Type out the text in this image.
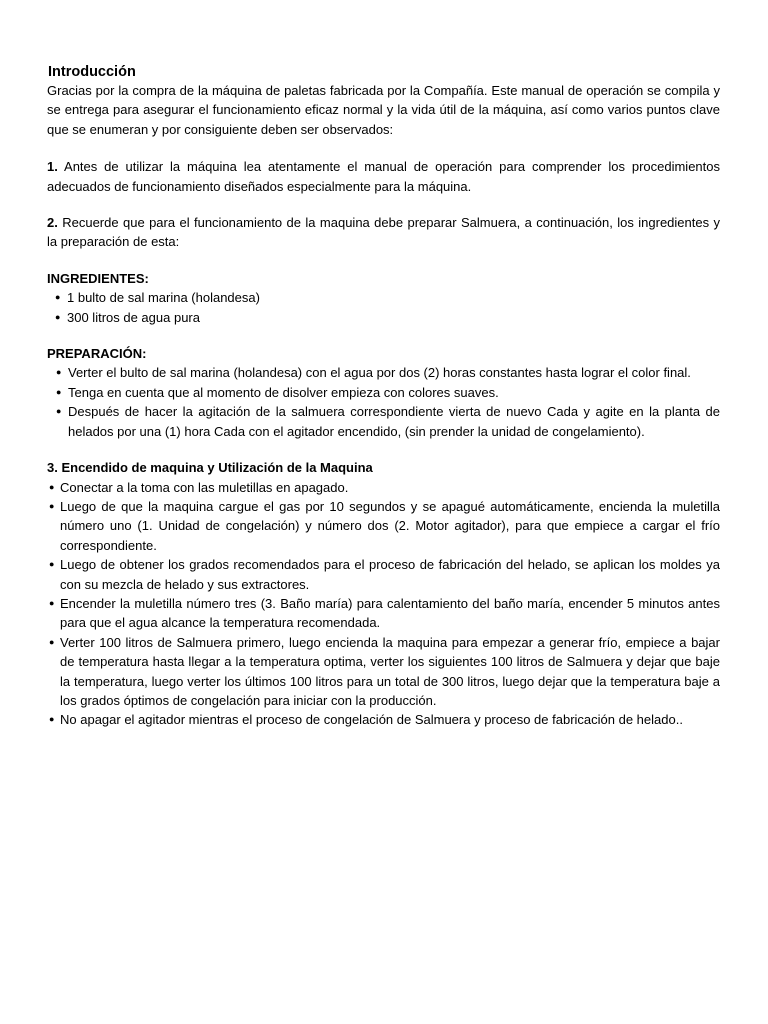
Introducción

Gracias por la compra de la máquina de paletas fabricada por la Compañía. Este manual de operación se compila y se entrega para asegurar el funcionamiento eficaz normal y la vida útil de la máquina, así como varios puntos clave que se enumeran y por consiguiente deben ser observados:

1. Antes de utilizar la máquina lea atentamente el manual de operación para comprender los procedimientos adecuados de funcionamiento diseñados especialmente para la máquina.

2. Recuerde que para el funcionamiento de la maquina debe preparar Salmuera, a continuación, los ingredientes y la preparación de esta:

INGREDIENTES:

● 1 bulto de sal marina (holandesa)
● 300 litros de agua pura

PREPARACIÓN:

● Verter el bulto de sal marina (holandesa) con el agua por dos (2) horas constantes hasta lograr el color final.
● Tenga en cuenta que al momento de disolver empieza con colores suaves.
● Después de hacer la agitación de la salmuera correspondiente vierta de nuevo Cada y agite en la planta de helados por una (1) hora Cada con el agitador encendido, (sin prender la unidad de congelamiento).

3. Encendido de maquina y Utilización de la Maquina

● Conectar a la toma con las muletillas en apagado.
● Luego de que la maquina cargue el gas por 10 segundos y se apagué automáticamente, encienda la muletilla número uno (1. Unidad de congelación) y número dos (2. Motor agitador), para que empiece a cargar el frío correspondiente.
● Luego de obtener los grados recomendados para el proceso de fabricación del helado, se aplican los moldes ya con su mezcla de helado y sus extractores.
● Encender la muletilla número tres (3. Baño maría) para calentamiento del baño maría, encender 5 minutos antes para que el agua alcance la temperatura recomendada.
● Verter 100 litros de Salmuera primero, luego encienda la maquina para empezar a generar frío, empiece a bajar de temperatura hasta llegar a la temperatura optima, verter los siguientes 100 litros de Salmuera y dejar que baje la temperatura, luego verter los últimos 100 litros para un total de 300 litros, luego dejar que la temperatura baje a los grados óptimos de congelación para iniciar con la producción.
● No apagar el agitador mientras el proceso de congelación de Salmuera y proceso de fabricación de helado..
